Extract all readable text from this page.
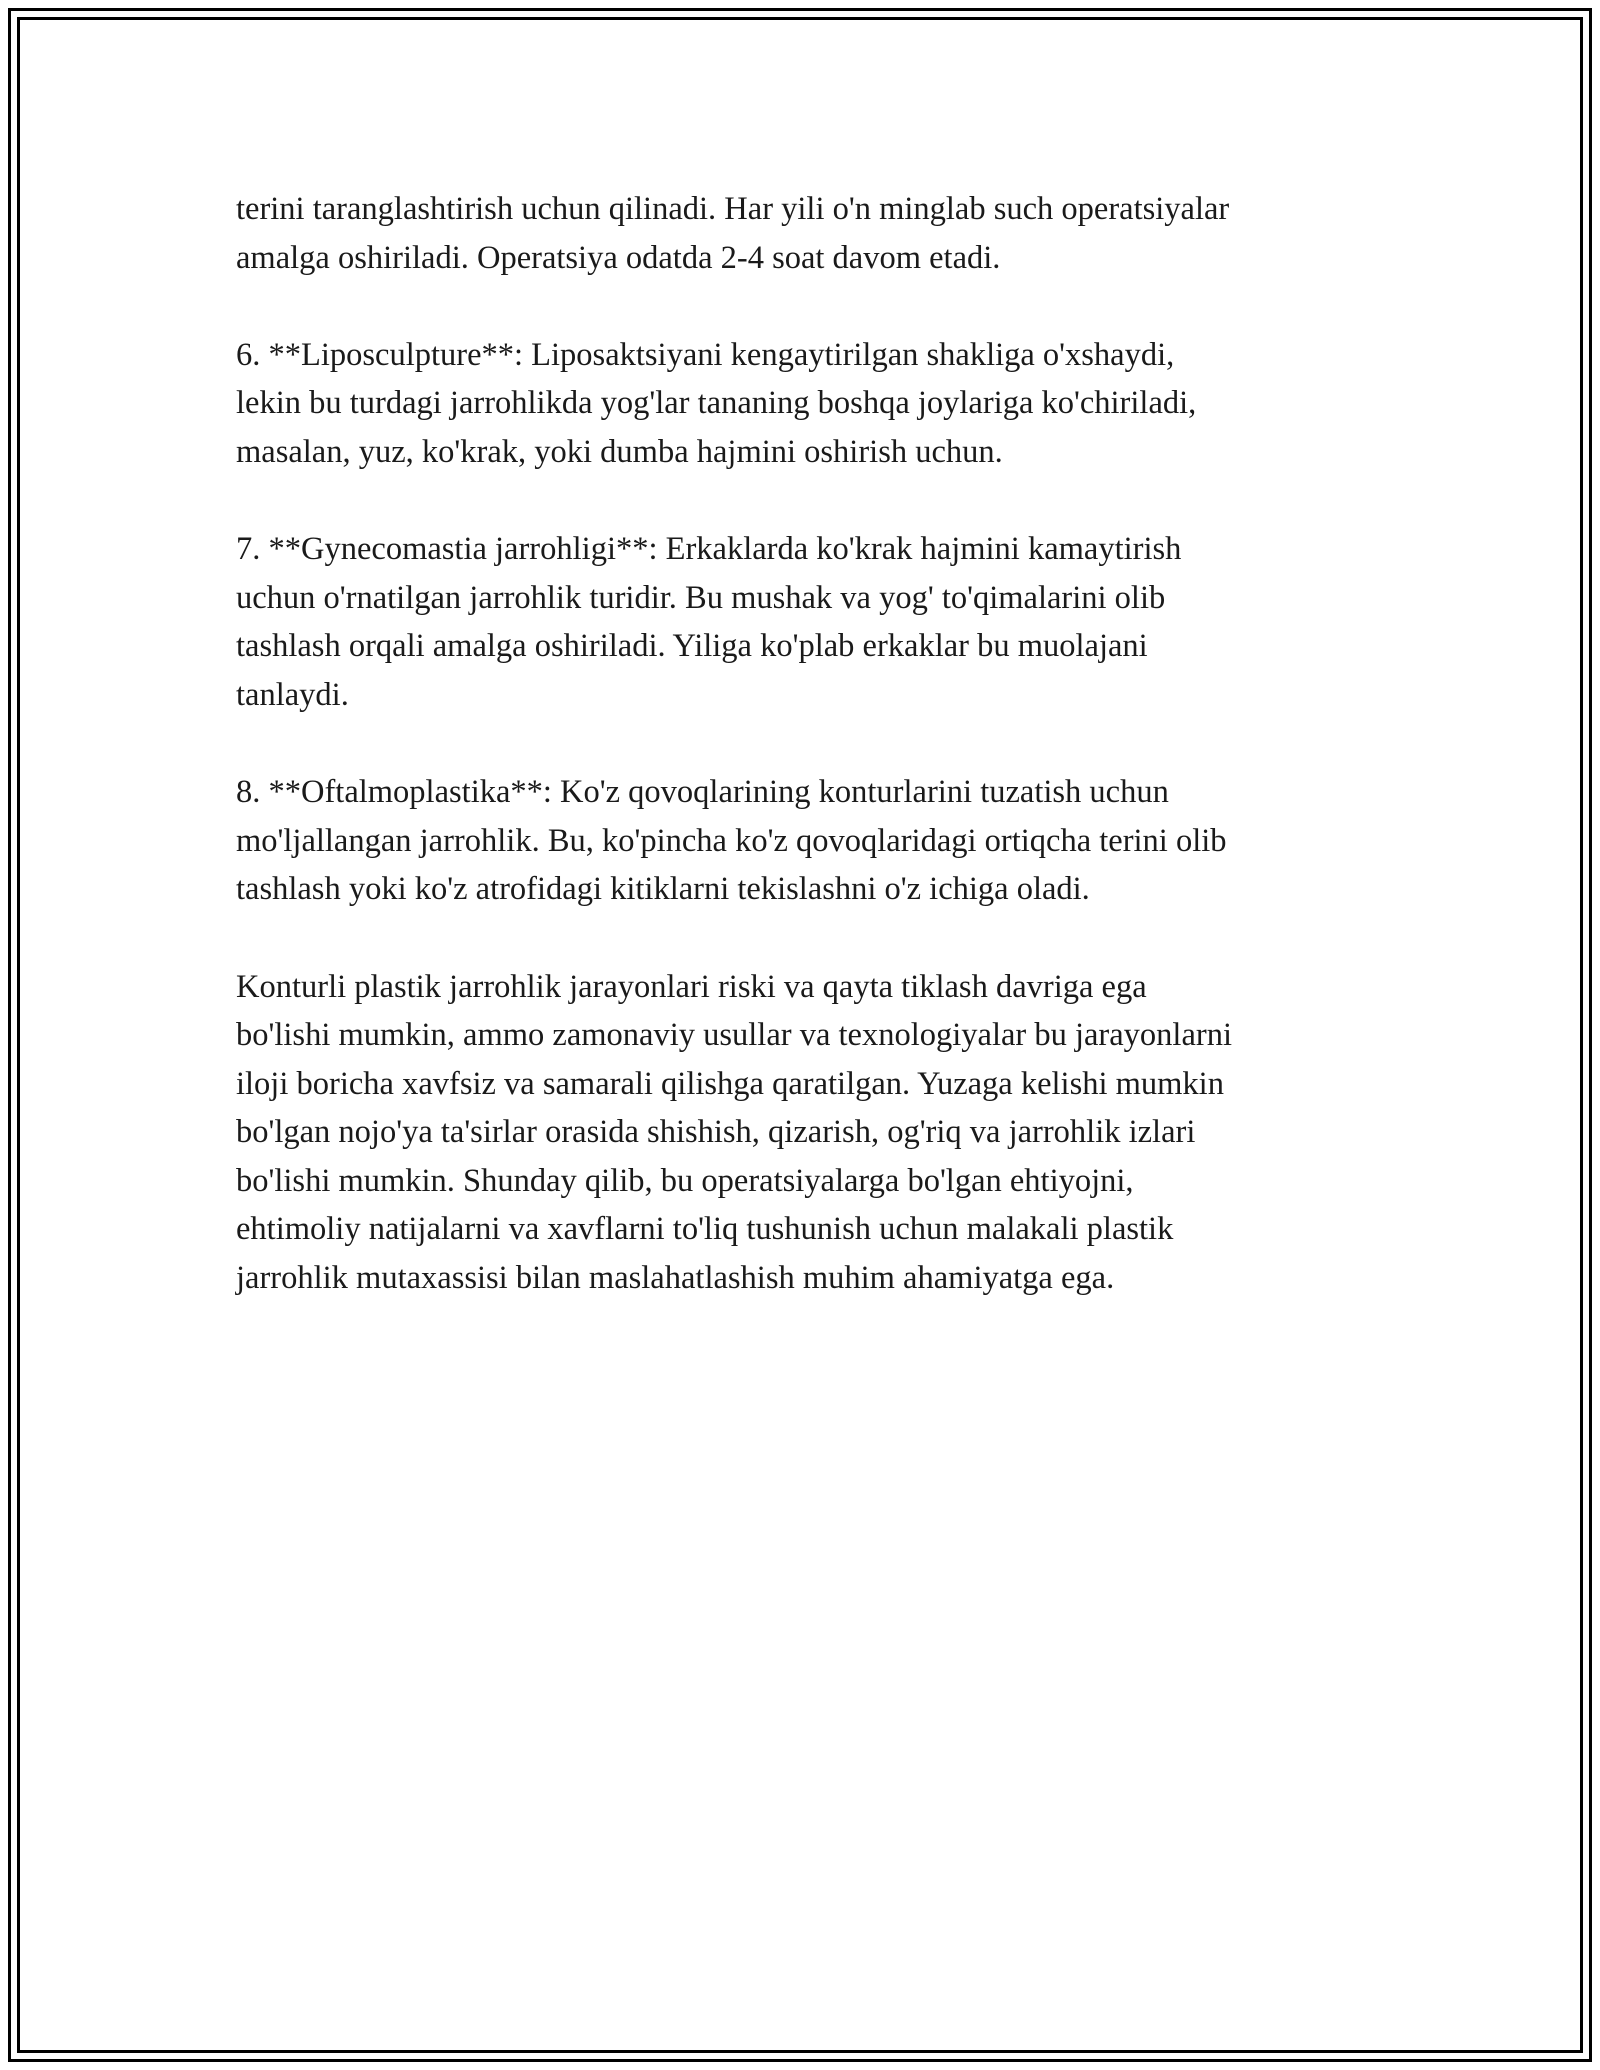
terini taranglashtirish uchun qilinadi. Har yili o'n minglab such operatsiyalar
amalga oshiriladi. Operatsiya odatda 2-4 soat davom etadi.

6. **Liposculpture**: Liposaktsiyani kengaytirilgan shakliga o'xshaydi,
lekin bu turdagi jarrohlikda yog'lar tananing boshqa joylariga ko'chiriladi,
masalan, yuz, ko'krak, yoki dumba hajmini oshirish uchun.

7. **Gynecomastia jarrohligi**: Erkaklarda ko'krak hajmini kamaytirish
uchun o'rnatilgan jarrohlik turidir. Bu mushak va yog' to'qimalarini olib
tashlash orqali amalga oshiriladi. Yiliga ko'plab erkaklar bu muolajani
tanlaydi.

8. **Oftalmoplastika**: Ko'z qovoqlarining konturlarini tuzatish uchun
mo'ljallangan jarrohlik. Bu, ko'pincha ko'z qovoqlaridagi ortiqcha terini olib
tashlash yoki ko'z atrofidagi kitiklarni tekislashni o'z ichiga oladi.

Konturli plastik jarrohlik jarayonlari riski va qayta tiklash davriga ega
bo'lishi mumkin, ammo zamonaviy usullar va texnologiyalar bu jarayonlarni
iloji boricha xavfsiz va samarali qilishga qaratilgan. Yuzaga kelishi mumkin
bo'lgan nojo'ya ta'sirlar orasida shishish, qizarish, og'riq va jarrohlik izlari
bo'lishi mumkin. Shunday qilib, bu operatsiyalarga bo'lgan ehtiyojni,
ehtimoliy natijalarni va xavflarni to'liq tushunish uchun malakali plastik
jarrohlik mutaxassisi bilan maslahatlashish muhim ahamiyatga ega.
